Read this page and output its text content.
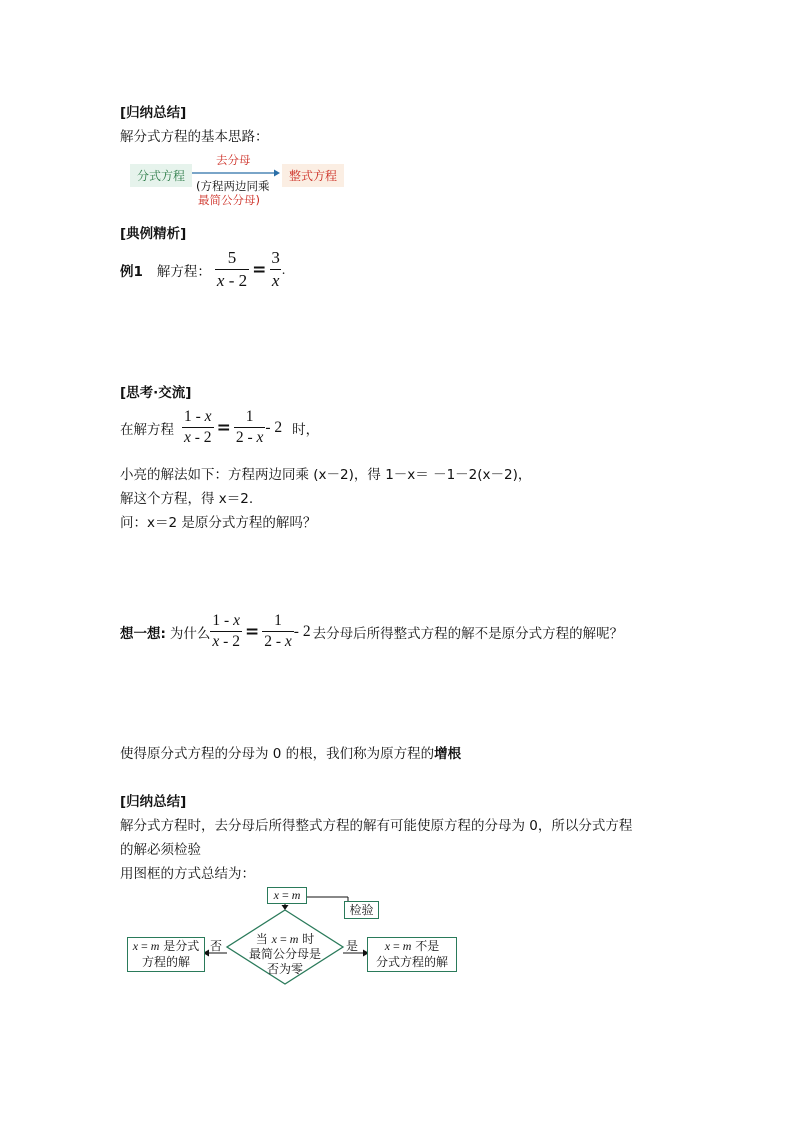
[归纳总结]
解分式方程的基本思路：
分式方程
去分母
(方程两边同乘
最简公分母)
整式方程
[典例精析]
例1 解方程： $\frac{5}{x - 2} = \frac{3}{x}$ .
[思考·交流]
在解方程 $\frac{1 - x}{x - 2} = \frac{1}{2 - x} - 2$ 时，
小亮的解法如下：方程两边同乘 (x－2)，得 1－x＝ －1－2(x－2)，
解这个方程，得 x＝2.
问：x＝2 是原分式方程的解吗？
想一想: 为什么 $\frac{1 - x}{x - 2} = \frac{1}{2 - x} - 2$ 去分母后所得整式方程的解不是原分式方程的解呢？
使得原分式方程的分母为 0 的根，我们称为原方程的增根
[归纳总结]
解分式方程时，去分母后所得整式方程的解有可能使原方程的分母为 0，所以分式方程
的解必须检验
用图框的方式总结为：
x = m
检验
当 x = m 时
最简公分母是
否为零
否	是
x = m 是分式
方程的解
x = m 不是
分式方程的解
